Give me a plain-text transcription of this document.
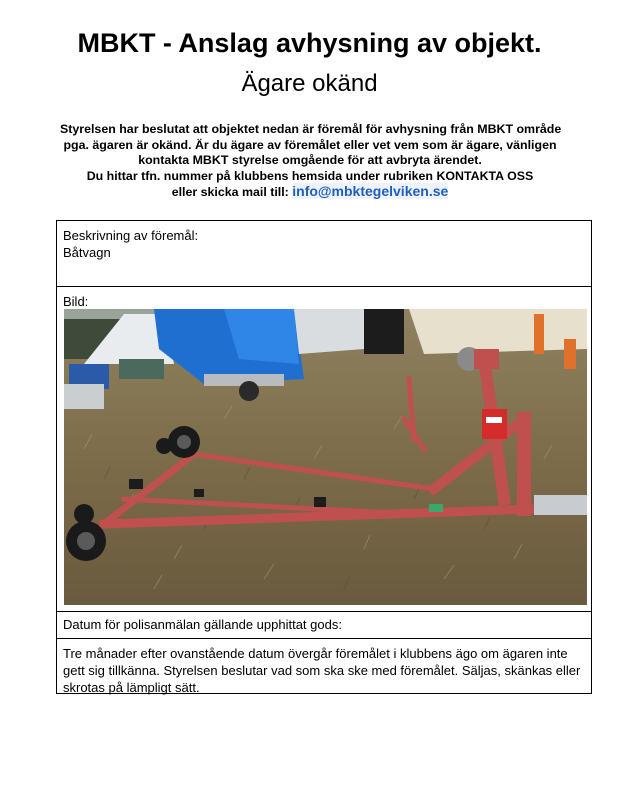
MBKT - Anslag avhysning av objekt.
Ägare okänd
Styrelsen har beslutat att objektet nedan är föremål för avhysning från MBKT område
pga. ägaren är okänd. Är du ägare av föremålet eller vet vem som är ägare, vänligen
kontakta MBKT styrelse omgående för att avbryta ärendet.
Du hittar tfn. nummer på klubbens hemsida under rubriken KONTAKTA OSS
eller skicka mail till: info@mbktegelviken.se
Beskrivning av föremål:
Båtvagn
Bild:
Datum för polisanmälan gällande upphittat gods:
Tre månader efter ovanstående datum övergår föremålet i klubbens ägo om ägaren inte gett sig tillkänna. Styrelsen beslutar vad som ska ske med föremålet. Säljas, skänkas eller skrotas på lämpligt sätt.
